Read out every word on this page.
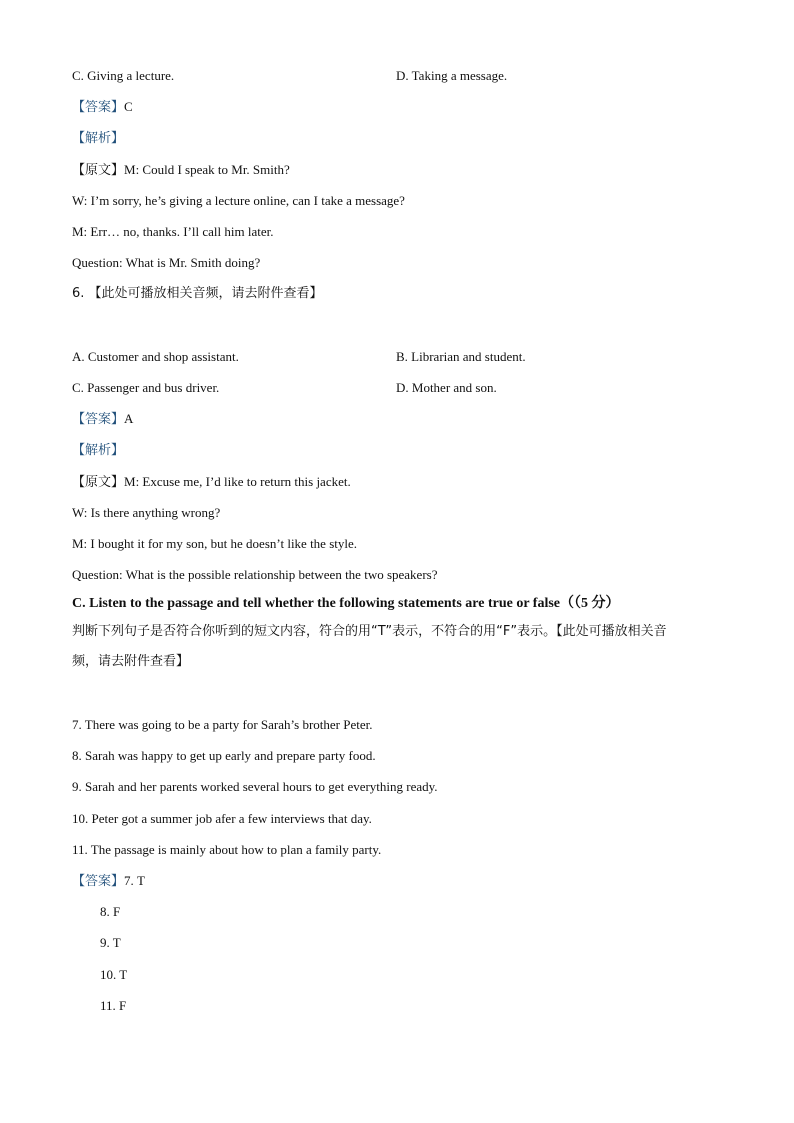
C. Giving a lecture.	D. Taking a message.
【答案】C
【解析】
【原文】M: Could I speak to Mr. Smith?
W: I’m sorry, he’s giving a lecture online, can I take a message?
M: Err… no, thanks. I’ll call him later.
Question: What is Mr. Smith doing?
6. 【此处可播放相关音频，请去附件查看】
A. Customer and shop assistant.	B. Librarian and student.
C. Passenger and bus driver.	D. Mother and son.
【答案】A
【解析】
【原文】M: Excuse me, I’d like to return this jacket.
W: Is there anything wrong?
M: I bought it for my son, but he doesn’t like the style.
Question: What is the possible relationship between the two speakers?
C. Listen to the passage and tell whether the following statements are true or false（（5 分）
判断下列句子是否符合你听到的短文内容，符合的用“T”表示，不符合的用“F”表示。【此处可播放相关音
频，请去附件查看】
7. There was going to be a party for Sarah’s brother Peter.
8. Sarah was happy to get up early and prepare party food.
9. Sarah and her parents worked several hours to get everything ready.
10. Peter got a summer job afer a few interviews that day.
11. The passage is mainly about how to plan a family party.
【答案】7. T
8. F
9. T
10. T
11. F
